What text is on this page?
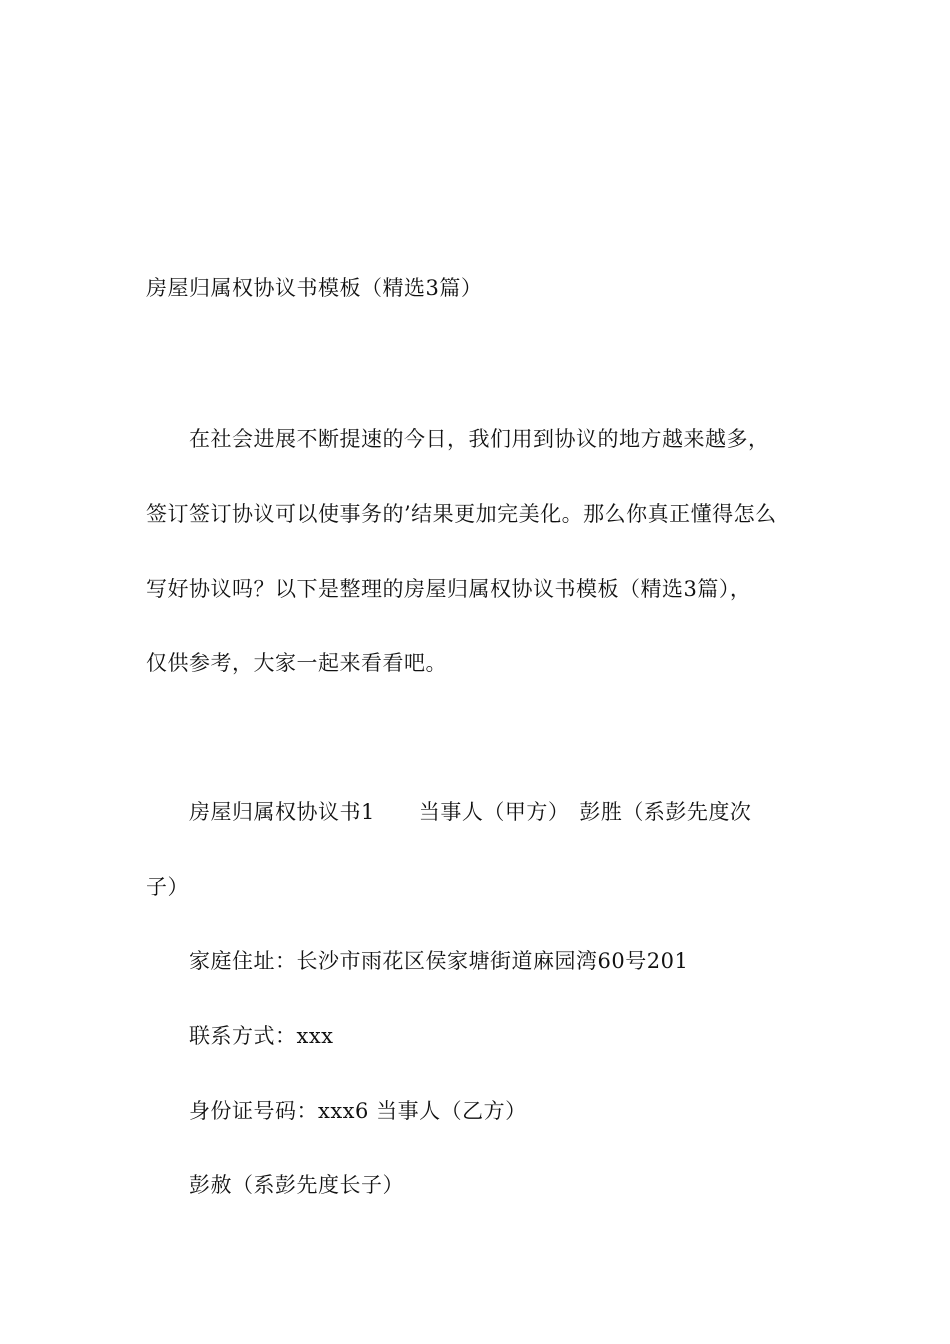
房屋归属权协议书模板（精选3篇）
在社会进展不断提速的今日，我们用到协议的地方越来越多，
签订签订协议可以使事务的’结果更加完美化。那么你真正懂得怎么
写好协议吗？以下是整理的房屋归属权协议书模板（精选3篇），
仅供参考，大家一起来看看吧。
房屋归属权协议书1 当事人（甲方） 彭胜（系彭先度次
子）
家庭住址：长沙市雨花区侯家塘街道麻园湾60号201
联系方式：xxx
身份证号码：xxx6 当事人（乙方）
彭赦（系彭先度长子）
